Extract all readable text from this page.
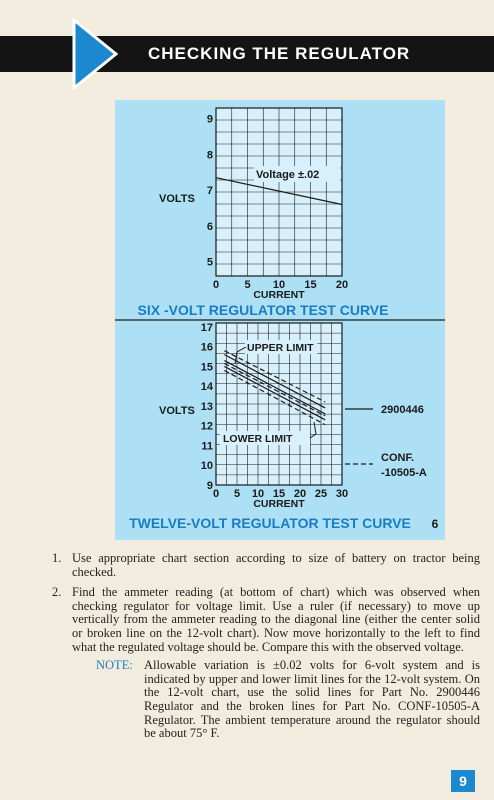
CHECKING THE REGULATOR
5
6
7
8
9
0 5 10 15 20
CURRENT
VOLTS
SIX -VOLT REGULATOR TEST CURVE
Voltage ±.02
9
10
11
12
13
14
15
16
17
0 5 10 15 20 25 30
CURRENT
VOLTS
TWELVE-VOLT REGULATOR TEST CURVE
UPPER LIMIT
LOWER LIMIT
2900446
CONF. -10505-A
6
1. Use appropriate chart section according to size of battery on tractor being checked.
2. Find the ammeter reading (at bottom of chart) which was observed when checking regulator for voltage limit. Use a ruler (if necessary) to move up vertically from the ammeter reading to the diagonal line (either the center solid or broken line on the 12-volt chart). Now move horizontally to the left to find what the regulated voltage should be. Compare this with the observed voltage.
NOTE: Allowable variation is ±0.02 volts for 6-volt system and is indicated by upper and lower limit lines for the 12-volt system. On the 12-volt chart, use the solid lines for Part No. 2900446 Regulator and the broken lines for Part No. CONF-10505-A Regulator. The ambient temperature around the regulator should be about 75° F.
9
